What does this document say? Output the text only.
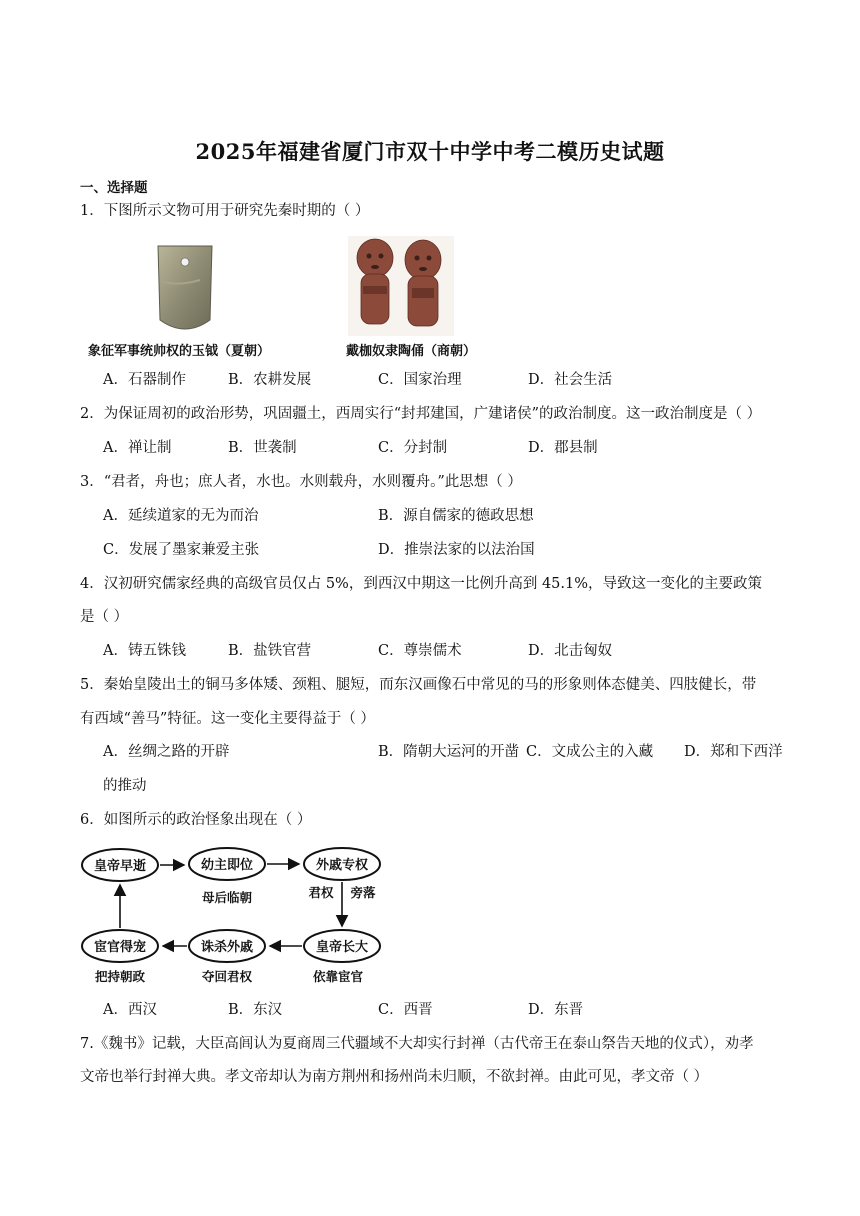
2025年福建省厦门市双十中学中考二模历史试题
一、选择题
1．下图所示文物可用于研究先秦时期的（ ）
象征军事统帅权的玉钺（夏朝）	戴枷奴隶陶俑（商朝）
A．石器制作	B．农耕发展	C．国家治理	D．社会生活
2．为保证周初的政治形势，巩固疆土，西周实行“封邦建国，广建诸侯”的政治制度。这一政治制度是（ ）
A．禅让制	B．世袭制	C．分封制	D．郡县制
3．“君者，舟也；庶人者，水也。水则载舟，水则覆舟。”此思想（ ）
A．延续道家的无为而治	B．源自儒家的德政思想
C．发展了墨家兼爱主张	D．推崇法家的以法治国
4．汉初研究儒家经典的高级官员仅占 5%，到西汉中期这一比例升高到 45.1%，导致这一变化的主要政策
是（ ）
A．铸五铢钱	B．盐铁官营	C．尊崇儒术	D．北击匈奴
5．秦始皇陵出土的铜马多体矮、颈粗、腿短，而东汉画像石中常见的马的形象则体态健美、四肢健长，带
有西域“善马”特征。这一变化主要得益于（ ）
A．丝绸之路的开辟	B．隋朝大运河的开凿 C．文成公主的入藏 D．郑和下西洋
的推动
6．如图所示的政治怪象出现在（ ）
皇帝早逝	幼主即位	外戚专权
皇帝长大
诛杀外戚
宦官得宠
母后临朝	君权 旁落
依靠宦官
夺回君权
把持朝政
A．西汉	B．东汉	C．西晋	D．东晋
7.《魏书》记载，大臣高闾认为夏商周三代疆域不大却实行封禅（古代帝王在泰山祭告天地的仪式），劝孝
文帝也举行封禅大典。孝文帝却认为南方荆州和扬州尚未归顺，不欲封禅。由此可见，孝文帝（ ）
